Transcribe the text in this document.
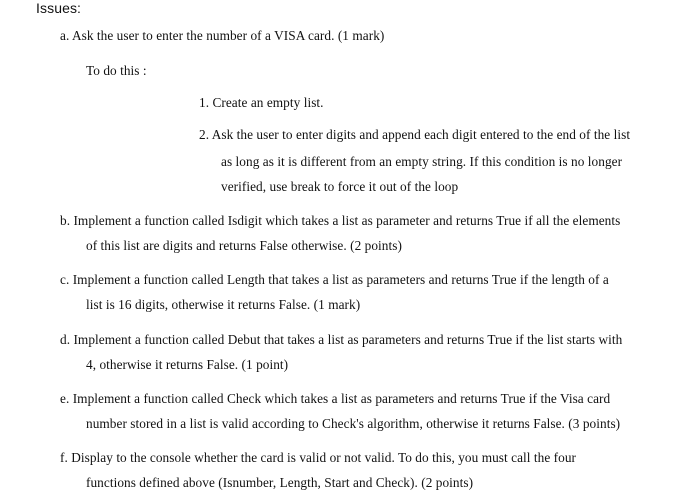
Issues:
a. Ask the user to enter the number of a VISA card. (1 mark)
To do this :
1. Create an empty list.
2. Ask the user to enter digits and append each digit entered to the end of the list
as long as it is different from an empty string. If this condition is no longer
verified, use break to force it out of the loop
b. Implement a function called Isdigit which takes a list as parameter and returns True if all the elements
of this list are digits and returns False otherwise. (2 points)
c. Implement a function called Length that takes a list as parameters and returns True if the length of a
list is 16 digits, otherwise it returns False. (1 mark)
d. Implement a function called Debut that takes a list as parameters and returns True if the list starts with
4, otherwise it returns False. (1 point)
e. Implement a function called Check which takes a list as parameters and returns True if the Visa card
number stored in a list is valid according to Check's algorithm, otherwise it returns False. (3 points)
f. Display to the console whether the card is valid or not valid. To do this, you must call the four
functions defined above (Isnumber, Length, Start and Check). (2 points)
